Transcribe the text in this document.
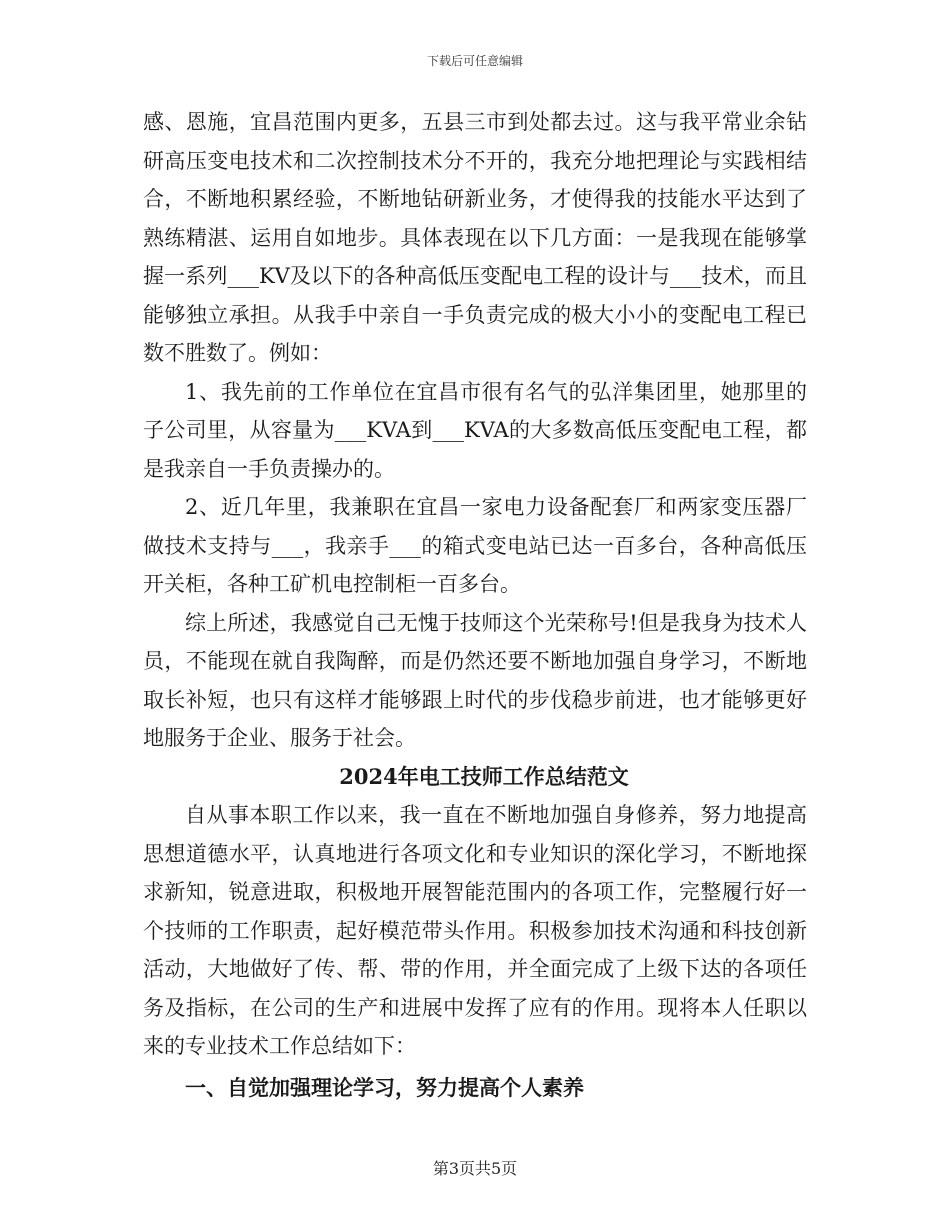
下载后可任意编辑

感、恩施，宜昌范围内更多，五县三市到处都去过。这与我平常业余钻研高压变电技术和二次控制技术分不开的，我充分地把理论与实践相结合，不断地积累经验，不断地钻研新业务，才使得我的技能水平达到了熟练精湛、运用自如地步。具体表现在以下几方面：一是我现在能够掌握一系列___KV及以下的各种高低压变配电工程的设计与___技术，而且能够独立承担。从我手中亲自一手负责完成的极大小小的变配电工程已数不胜数了。例如：

1、我先前的工作单位在宜昌市很有名气的弘洋集团里，她那里的子公司里，从容量为___KVA到___KVA的大多数高低压变配电工程，都是我亲自一手负责操办的。

2、近几年里，我兼职在宜昌一家电力设备配套厂和两家变压器厂做技术支持与___，我亲手___的箱式变电站已达一百多台，各种高低压开关柜，各种工矿机电控制柜一百多台。

综上所述，我感觉自己无愧于技师这个光荣称号!但是我身为技术人员，不能现在就自我陶醉，而是仍然还要不断地加强自身学习，不断地取长补短，也只有这样才能够跟上时代的步伐稳步前进，也才能够更好地服务于企业、服务于社会。

2024年电工技师工作总结范文

自从事本职工作以来，我一直在不断地加强自身修养，努力地提高思想道德水平，认真地进行各项文化和专业知识的深化学习，不断地探求新知，锐意进取，积极地开展智能范围内的各项工作，完整履行好一个技师的工作职责，起好模范带头作用。积极参加技术沟通和科技创新活动，大地做好了传、帮、带的作用，并全面完成了上级下达的各项任务及指标，在公司的生产和进展中发挥了应有的作用。现将本人任职以来的专业技术工作总结如下：

一、自觉加强理论学习，努力提高个人素养

第3页共5页
